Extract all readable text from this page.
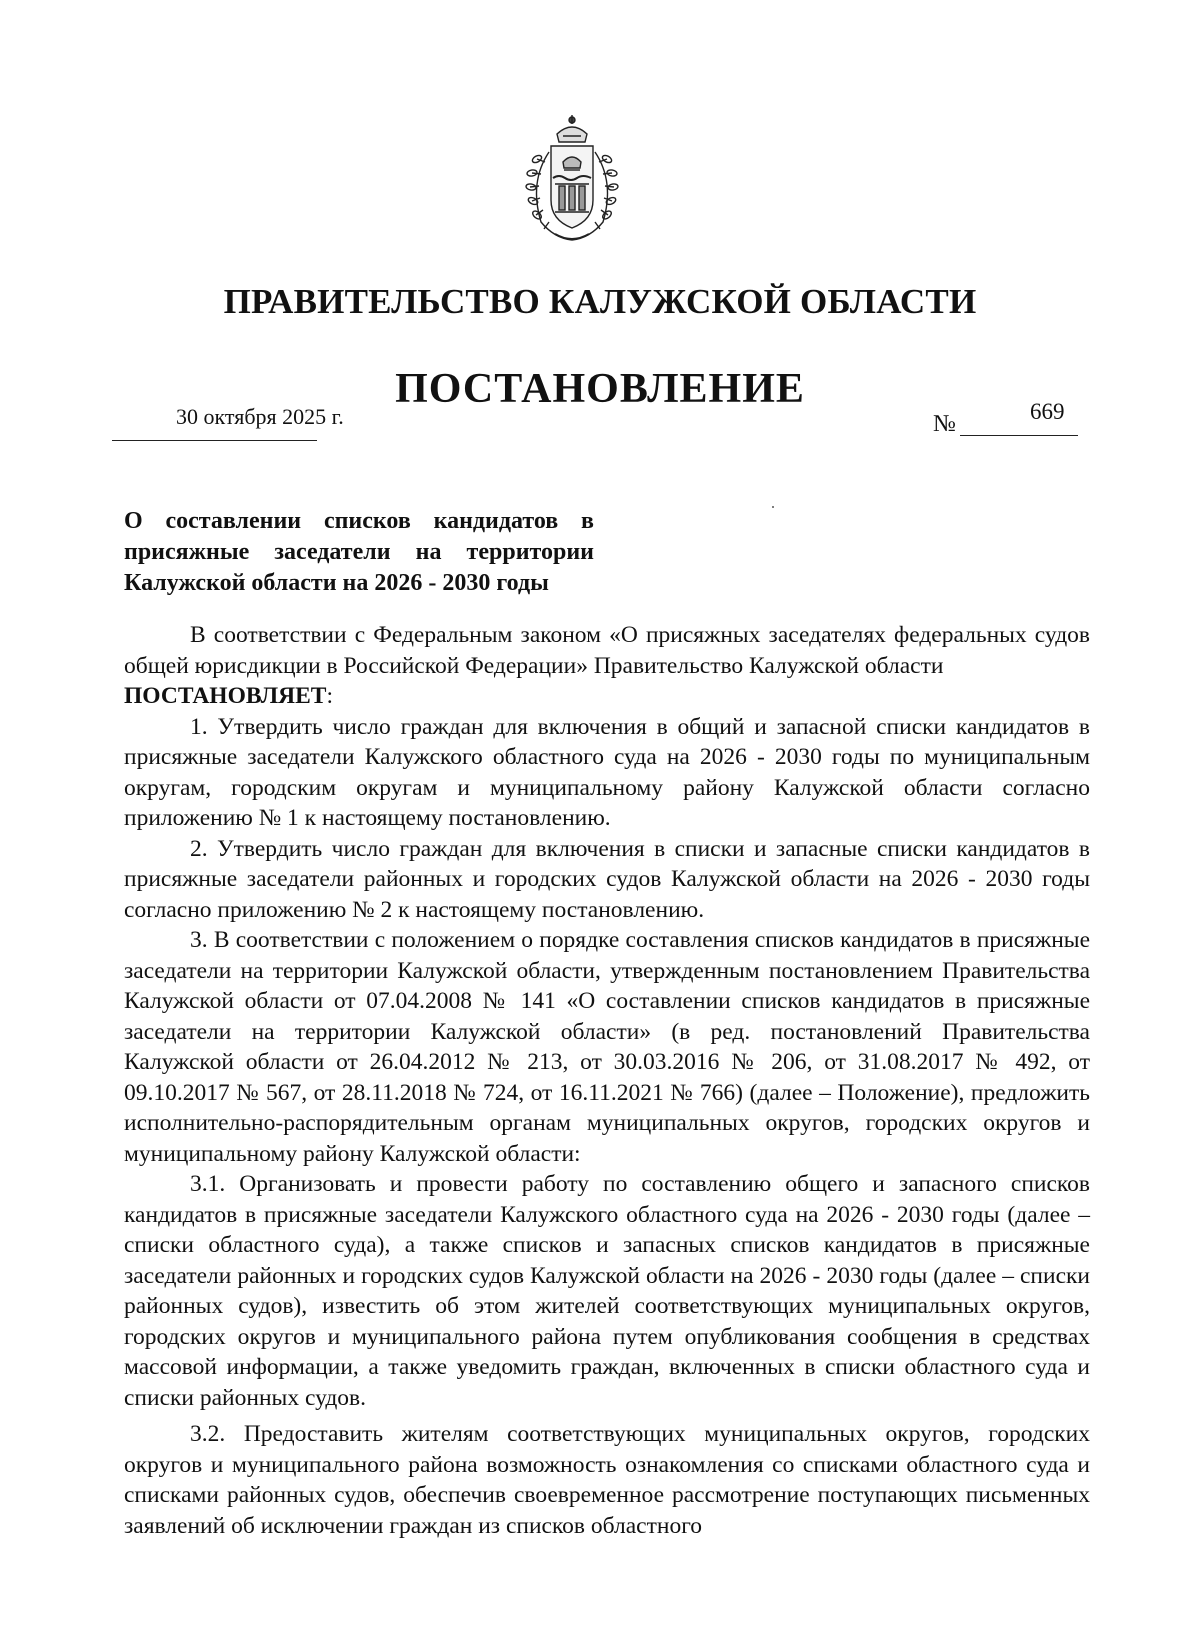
ПРАВИТЕЛЬСТВО КАЛУЖСКОЙ ОБЛАСТИ
ПОСТАНОВЛЕНИЕ
30 октября 2025 г.	№	669
О составлении списков кандидатов в
присяжные заседатели на территории
Калужской области на 2026 - 2030 годы

В соответствии с Федеральным законом «О присяжных заседателях федеральных судов общей юрисдикции в Российской Федерации» Правительство Калужской области
ПОСТАНОВЛЯЕТ:

1. Утвердить число граждан для включения в общий и запасной списки кандидатов в присяжные заседатели Калужского областного суда на 2026 - 2030 годы по муниципальным округам, городским округам и муниципальному району Калужской области согласно приложению № 1 к настоящему постановлению.

2. Утвердить число граждан для включения в списки и запасные списки кандидатов в присяжные заседатели районных и городских судов Калужской области на 2026 - 2030 годы согласно приложению № 2 к настоящему постановлению.

3. В соответствии с положением о порядке составления списков кандидатов в присяжные заседатели на территории Калужской области, утвержденным постановлением Правительства Калужской области от 07.04.2008 № 141 «О составлении списков кандидатов в присяжные заседатели на территории Калужской области» (в ред. постановлений Правительства Калужской области от 26.04.2012 № 213, от 30.03.2016 № 206, от 31.08.2017 № 492, от 09.10.2017 № 567, от 28.11.2018 № 724, от 16.11.2021 № 766) (далее – Положение), предложить исполнительно-распорядительным органам муниципальных округов, городских округов и муниципальному району Калужской области:

3.1. Организовать и провести работу по составлению общего и запасного списков кандидатов в присяжные заседатели Калужского областного суда на 2026 - 2030 годы (далее – списки областного суда), а также списков и запасных списков кандидатов в присяжные заседатели районных и городских судов Калужской области на 2026 - 2030 годы (далее – списки районных судов), известить об этом жителей соответствующих муниципальных округов, городских округов и муниципального района путем опубликования сообщения в средствах массовой информации, а также уведомить граждан, включенных в списки областного суда и списки районных судов.

3.2. Предоставить жителям соответствующих муниципальных округов, городских округов и муниципального района возможность ознакомления со списками областного суда и списками районных судов, обеспечив своевременное рассмотрение поступающих письменных заявлений об исключении граждан из списков областного
